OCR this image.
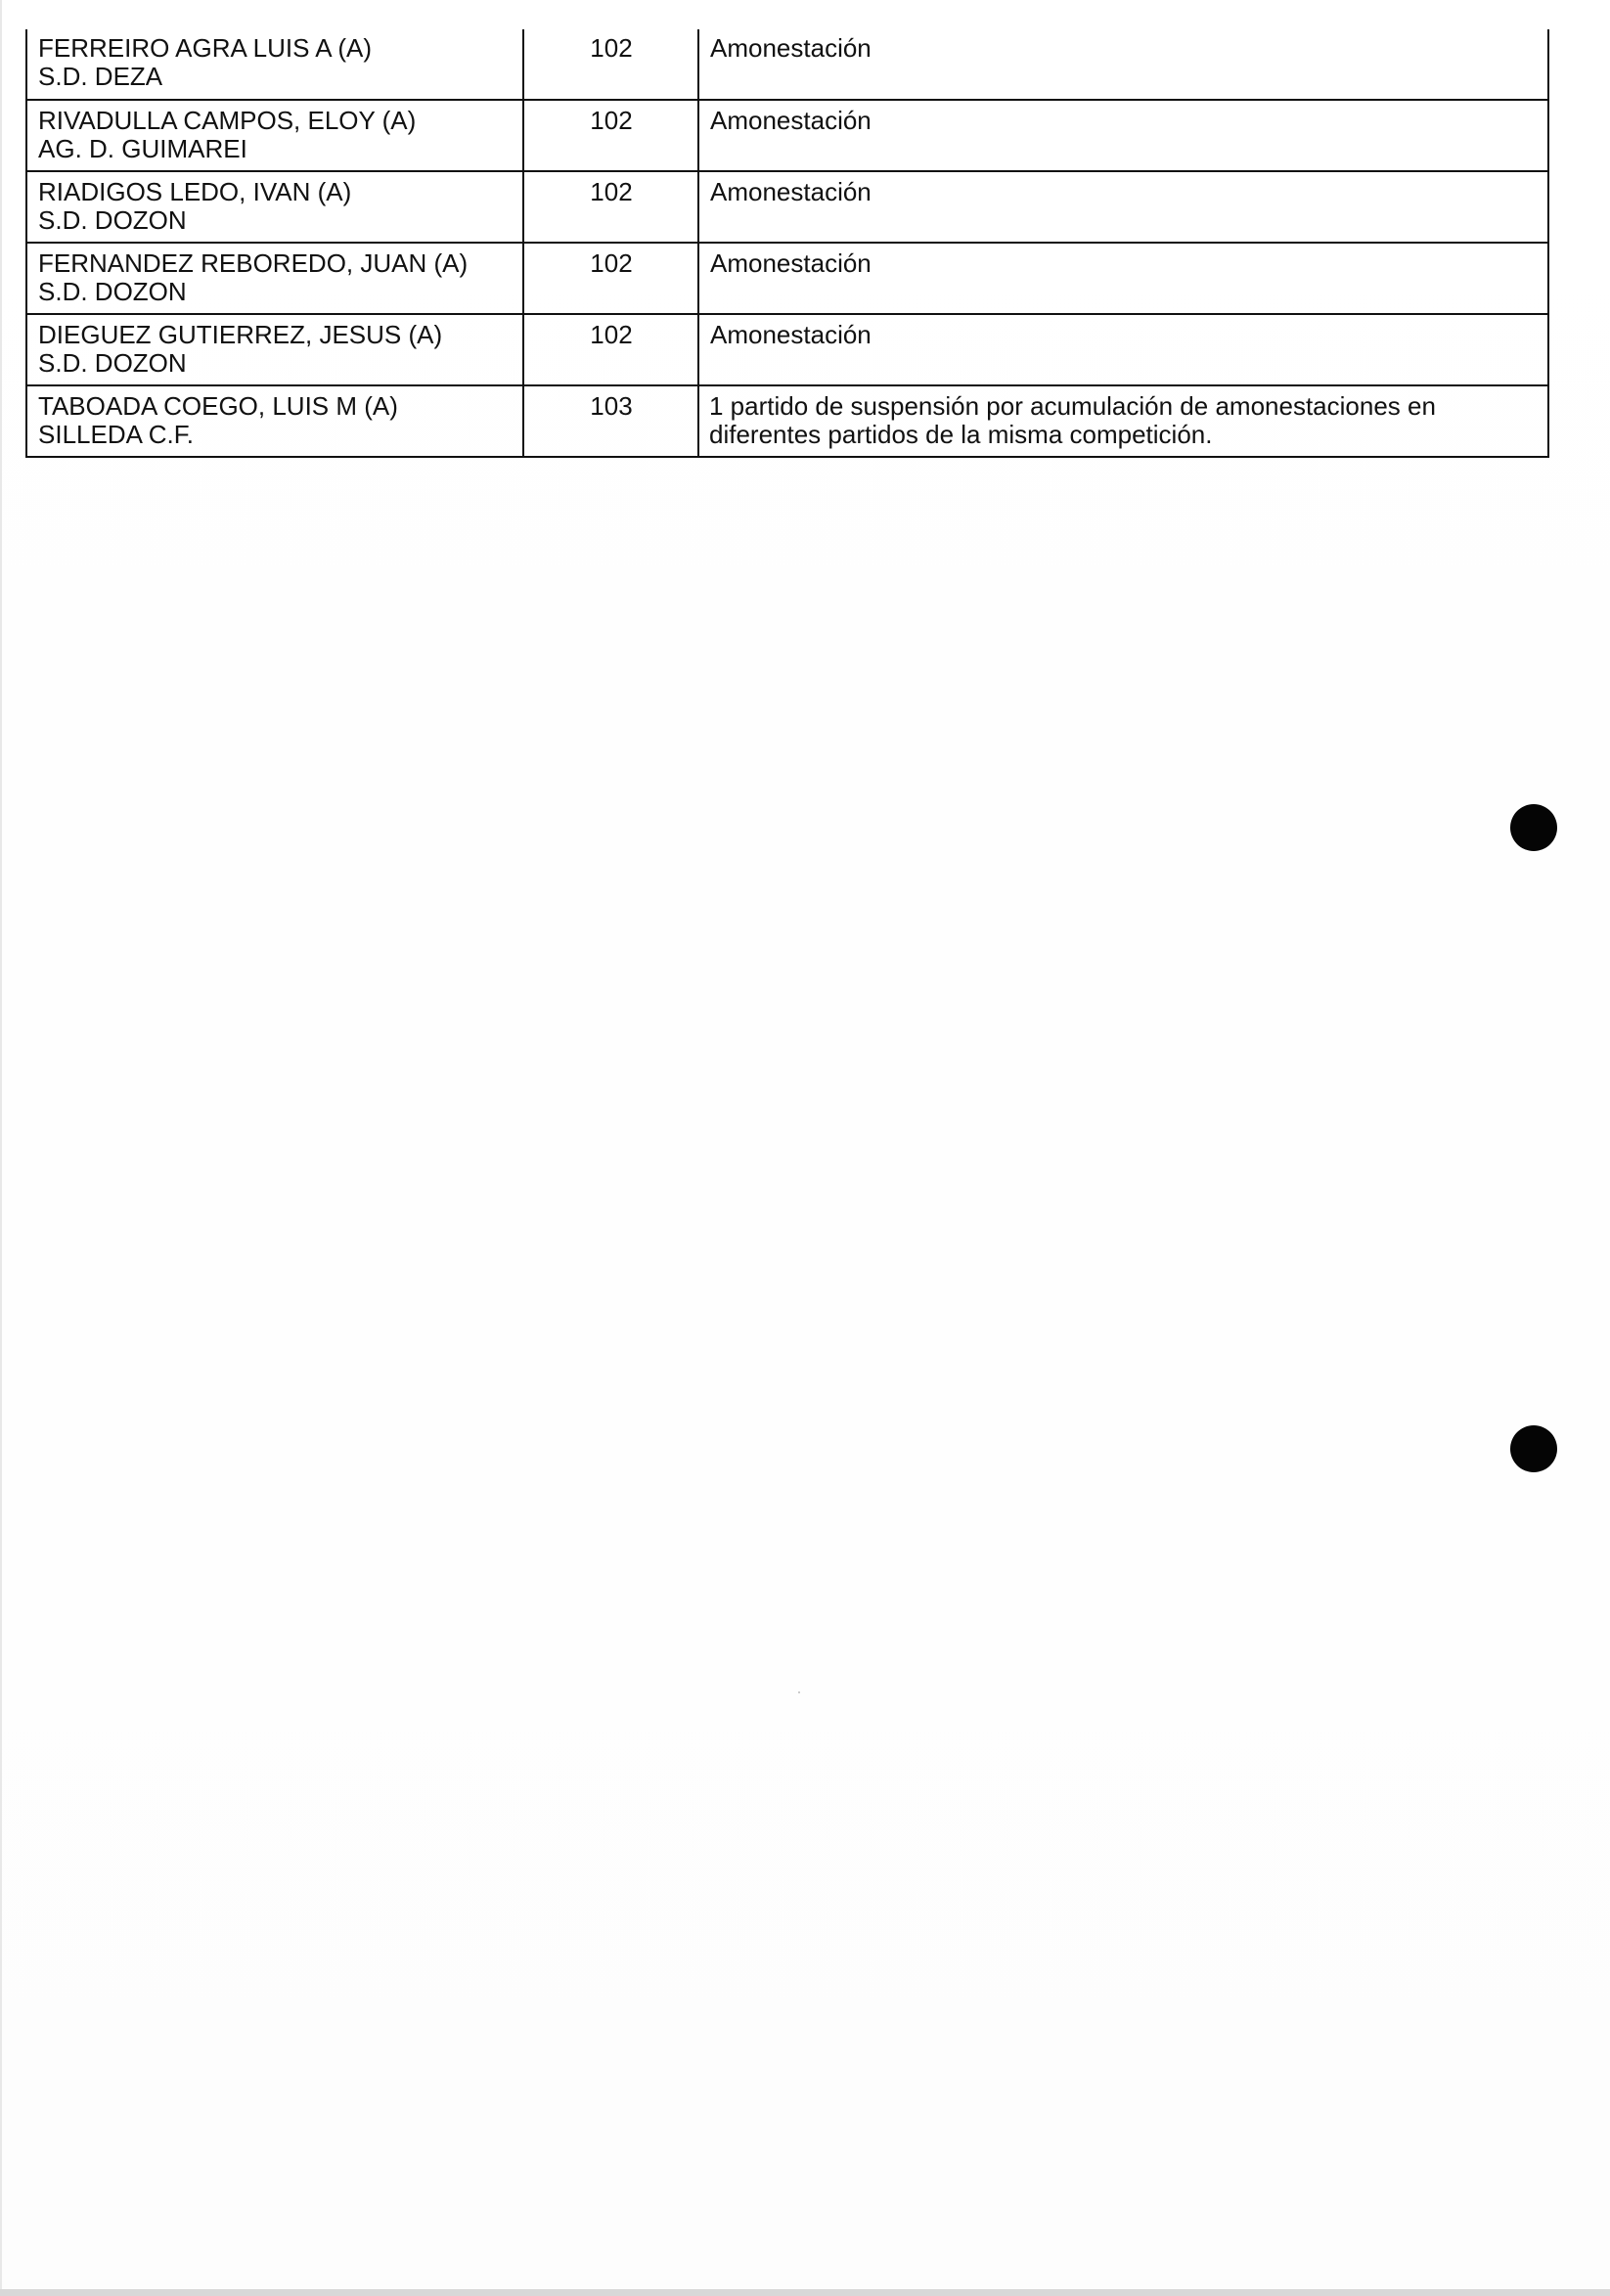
FERREIRO AGRA LUIS A (A)
S.D. DEZA	102	Amonestación

RIVADULLA CAMPOS, ELOY (A)
AG. D. GUIMAREI	102	Amonestación

RIADIGOS LEDO, IVAN (A)
S.D. DOZON	102	Amonestación

FERNANDEZ REBOREDO, JUAN (A)
S.D. DOZON	102	Amonestación

DIEGUEZ GUTIERREZ, JESUS (A)
S.D. DOZON	102	Amonestación

TABOADA COEGO, LUIS M (A)
SILLEDA C.F.	103	1 partido de suspensión por acumulación de amonestaciones en diferentes partidos de la misma competición.
